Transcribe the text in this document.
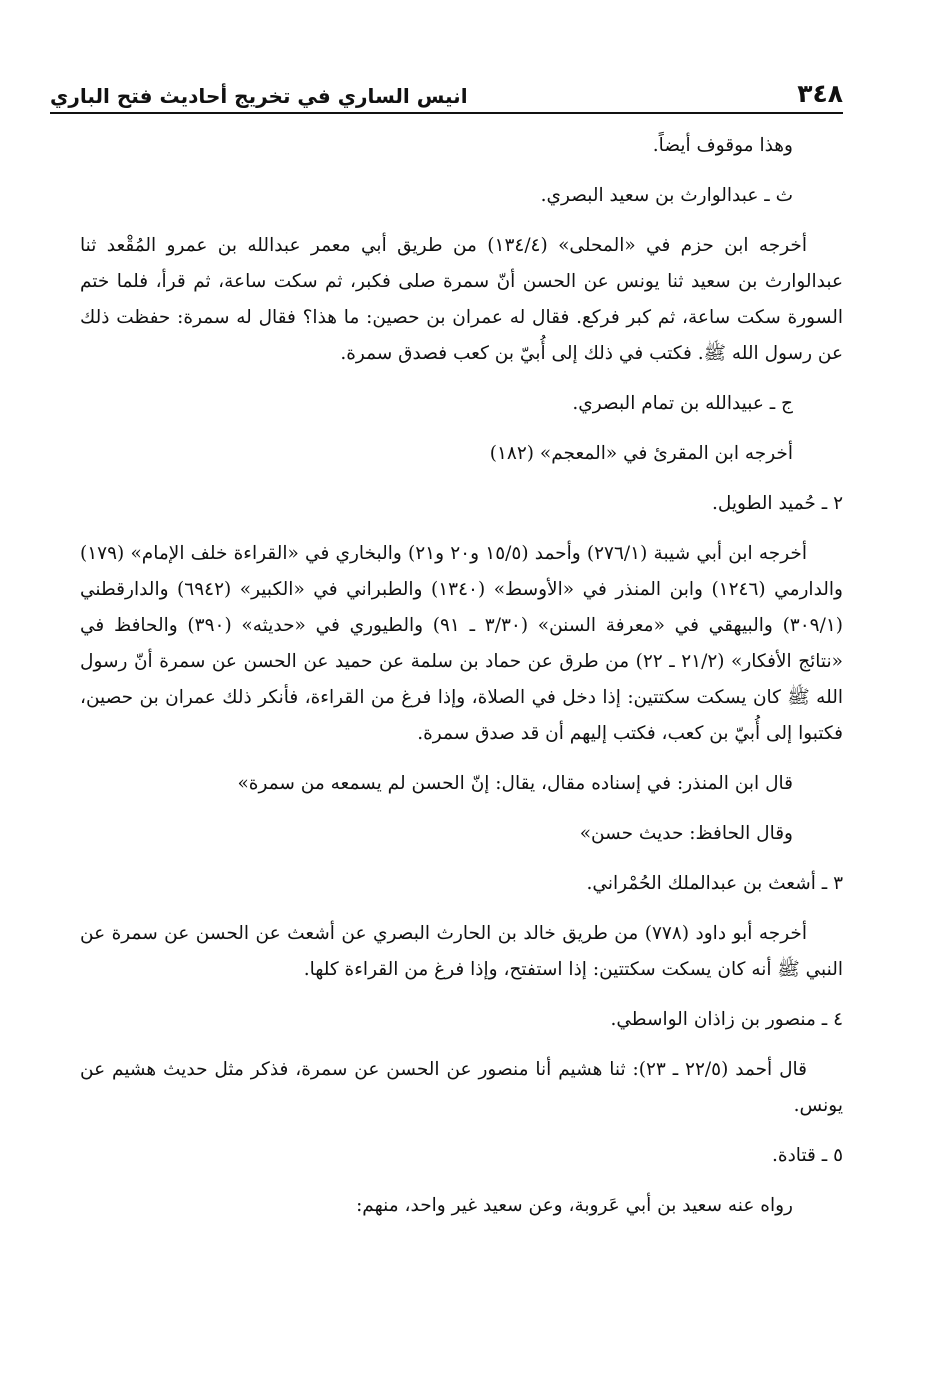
٣٤٨
انيس الساري في تخريج أحاديث فتح الباري

وهذا موقوف أيضاً.

ث ـ عبدالوارث بن سعيد البصري.

أخرجه ابن حزم في «المحلى» (١٣٤/٤) من طريق أبي معمر عبدالله بن عمرو المُقْعد ثنا عبدالوارث بن سعيد ثنا يونس عن الحسن أنّ سمرة صلى فكبر، ثم سكت ساعة، ثم قرأ، فلما ختم السورة سكت ساعة، ثم كبر فركع. فقال له عمران بن حصين: ما هذا؟ فقال له سمرة: حفظت ذلك عن رسول الله ﷺ. فكتب في ذلك إلى أُبيّ بن كعب فصدق سمرة.

ج ـ عبيدالله بن تمام البصري.

أخرجه ابن المقرئ في «المعجم» (١٨٢)

٢ ـ حُميد الطويل.

أخرجه ابن أبي شيبة (٢٧٦/١) وأحمد (١٥/٥ و٢٠ و٢١) والبخاري في «القراءة خلف الإمام» (١٧٩) والدارمي (١٢٤٦) وابن المنذر في «الأوسط» (١٣٤٠) والطبراني في «الكبير» (٦٩٤٢) والدارقطني (٣٠٩/١) والبيهقي في «معرفة السنن» (٣/٣٠ ـ ٩١) والطيوري في «حديثه» (٣٩٠) والحافظ في «نتائج الأفكار» (٢١/٢ ـ ٢٢) من طرق عن حماد بن سلمة عن حميد عن الحسن عن سمرة أنّ رسول الله ﷺ كان يسكت سكتتين: إذا دخل في الصلاة، وإذا فرغ من القراءة، فأنكر ذلك عمران بن حصين، فكتبوا إلى أُبيّ بن كعب، فكتب إليهم أن قد صدق سمرة.

قال ابن المنذر: في إسناده مقال، يقال: إنّ الحسن لم يسمعه من سمرة»

وقال الحافظ: حديث حسن»

٣ ـ أشعث بن عبدالملك الحُمْراني.

أخرجه أبو داود (٧٧٨) من طريق خالد بن الحارث البصري عن أشعث عن الحسن عن سمرة عن النبي ﷺ أنه كان يسكت سكتتين: إذا استفتح، وإذا فرغ من القراءة كلها.

٤ ـ منصور بن زاذان الواسطي.

قال أحمد (٢٢/٥ ـ ٢٣): ثنا هشيم أنا منصور عن الحسن عن سمرة، فذكر مثل حديث هشيم عن يونس.

٥ ـ قتادة.

رواه عنه سعيد بن أبي عَروبة، وعن سعيد غير واحد، منهم:
